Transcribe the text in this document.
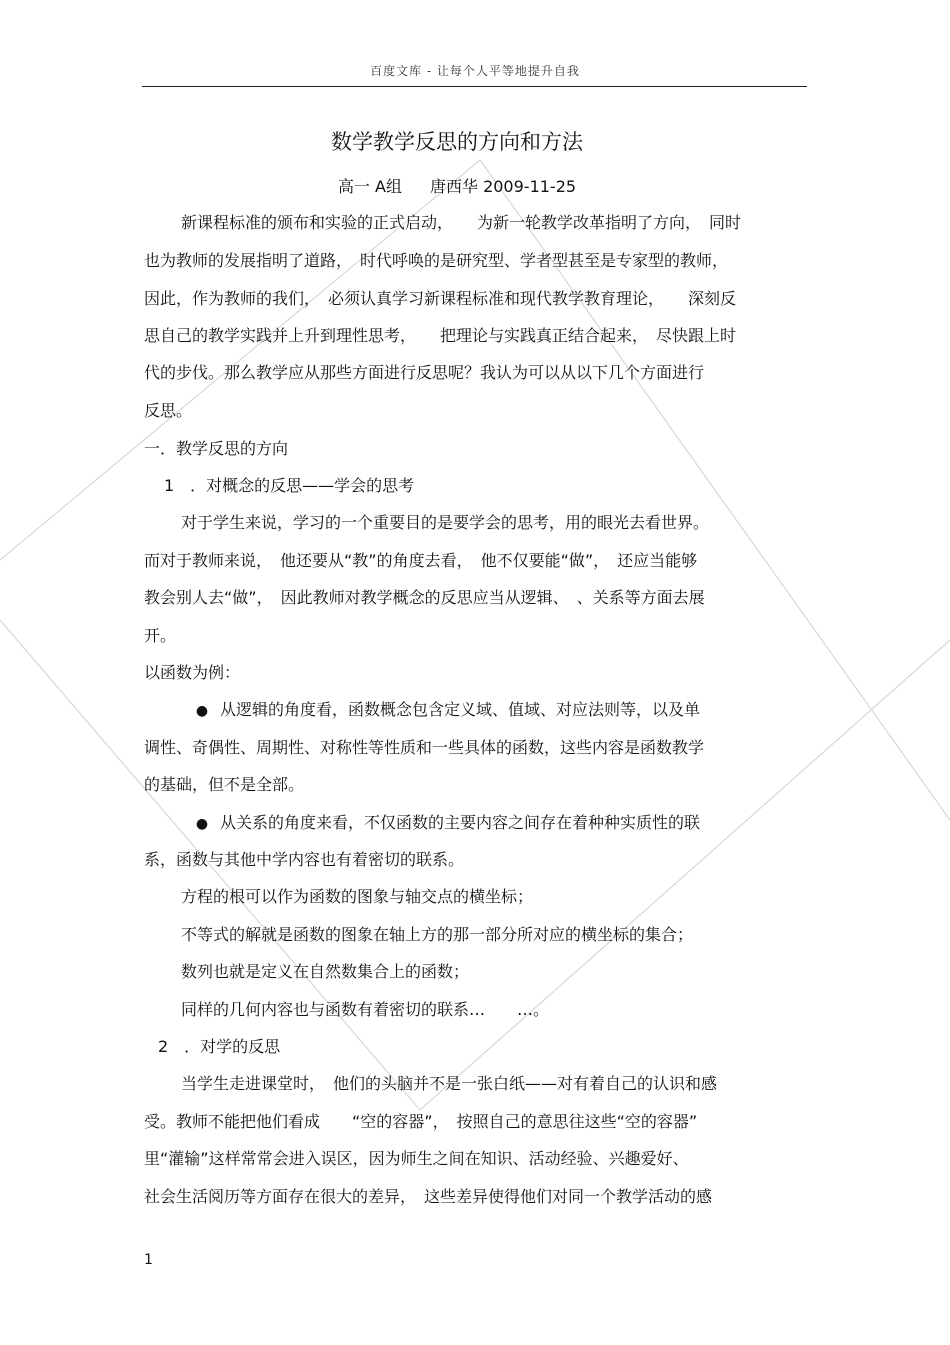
百度文库 - 让每个人平等地提升自我
数学教学反思的方向和方法
高一 A组 唐西华 2009-11-25
新课程标准的颁布和实验的正式启动，　　为新一轮教学改革指明了方向，　同时
也为教师的发展指明了道路，　时代呼唤的是研究型、学者型甚至是专家型的教师，
因此，作为教师的我们，　必须认真学习新课程标准和现代教学教育理论，　　深刻反
思自己的教学实践并上升到理性思考，　　把理论与实践真正结合起来，　尽快跟上时
代的步伐。那么教学应从那些方面进行反思呢？我认为可以从以下几个方面进行
反思。
一．教学反思的方向
1　．对概念的反思——学会的思考
对于学生来说，学习的一个重要目的是要学会的思考，用的眼光去看世界。
而对于教师来说，　他还要从“教”的角度去看，　他不仅要能“做”，　还应当能够
教会别人去“做”，　因此教师对教学概念的反思应当从逻辑、　、关系等方面去展
开。
以函数为例：
● 从逻辑的角度看，函数概念包含定义域、值域、对应法则等，以及单
调性、奇偶性、周期性、对称性等性质和一些具体的函数，这些内容是函数教学
的基础，但不是全部。
● 从关系的角度来看，不仅函数的主要内容之间存在着种种实质性的联
系，函数与其他中学内容也有着密切的联系。
方程的根可以作为函数的图象与轴交点的横坐标；
不等式的解就是函数的图象在轴上方的那一部分所对应的横坐标的集合；
数列也就是定义在自然数集合上的函数；
同样的几何内容也与函数有着密切的联系…　　…。
2　．对学的反思
当学生走进课堂时，　他们的头脑并不是一张白纸——对有着自己的认识和感
受。教师不能把他们看成　　“空的容器”，　按照自己的意思往这些“空的容器”
里“灌输”这样常常会进入误区，因为师生之间在知识、活动经验、兴趣爱好、
社会生活阅历等方面存在很大的差异，　这些差异使得他们对同一个教学活动的感
1
